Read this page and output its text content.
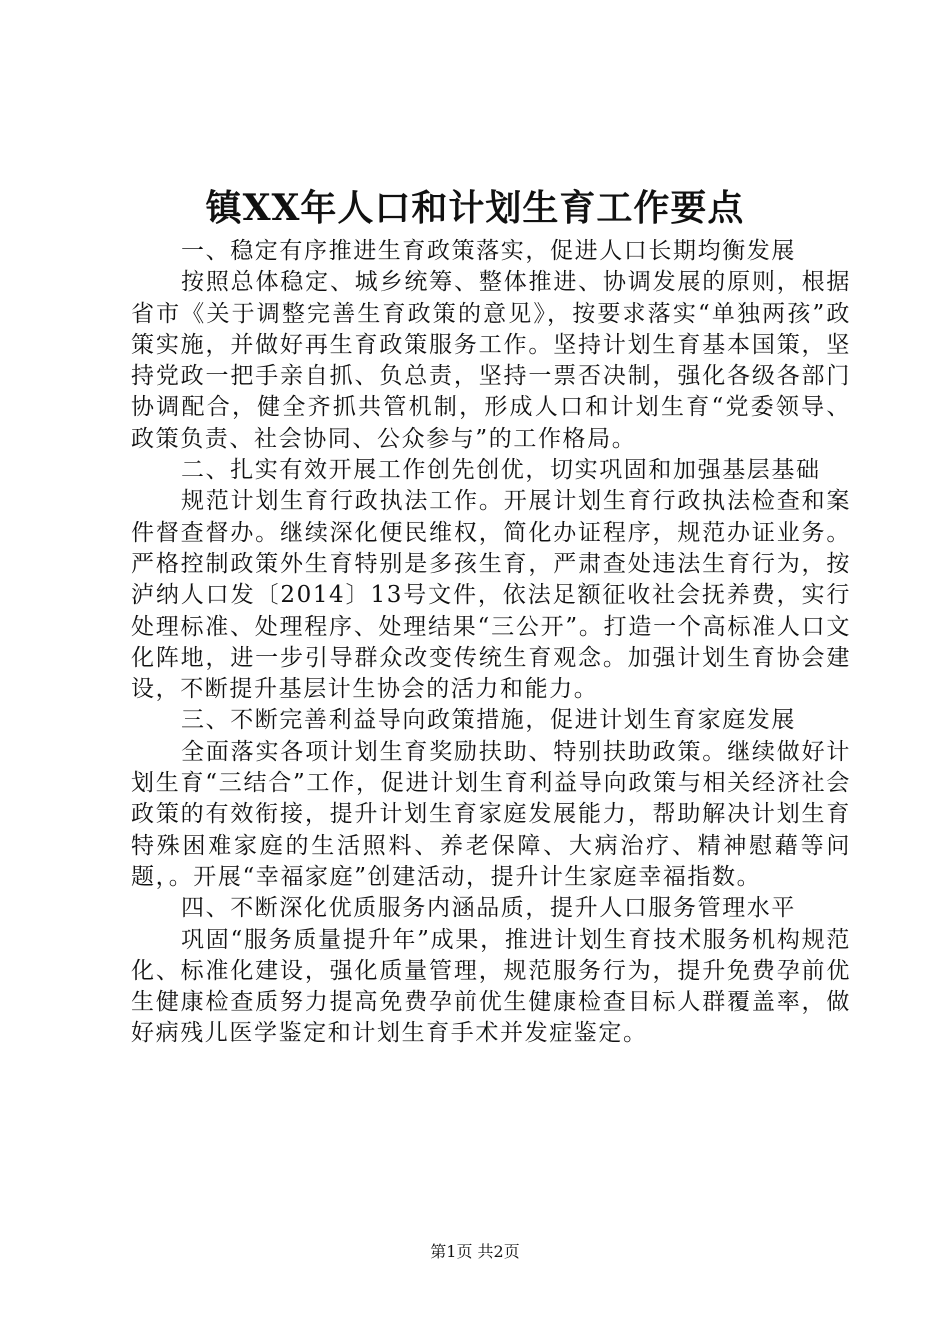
镇XX年人口和计划生育工作要点

一、稳定有序推进生育政策落实，促进人口长期均衡发展

按照总体稳定、城乡统筹、整体推进、协调发展的原则，根据省市《关于调整完善生育政策的意见》，按要求落实“单独两孩”政策实施，并做好再生育政策服务工作。坚持计划生育基本国策，坚持党政一把手亲自抓、负总责，坚持一票否决制，强化各级各部门协调配合，健全齐抓共管机制，形成人口和计划生育“党委领导、政策负责、社会协同、公众参与”的工作格局。

二、扎实有效开展工作创先创优，切实巩固和加强基层基础

规范计划生育行政执法工作。开展计划生育行政执法检查和案件督查督办。继续深化便民维权，简化办证程序，规范办证业务。严格控制政策外生育特别是多孩生育，严肃查处违法生育行为，按泸纳人口发〔2014〕13号文件，依法足额征收社会抚养费，实行处理标准、处理程序、处理结果“三公开”。打造一个高标准人口文化阵地，进一步引导群众改变传统生育观念。加强计划生育协会建设，不断提升基层计生协会的活力和能力。

三、不断完善利益导向政策措施，促进计划生育家庭发展

全面落实各项计划生育奖励扶助、特别扶助政策。继续做好计划生育“三结合”工作，促进计划生育利益导向政策与相关经济社会政策的有效衔接，提升计划生育家庭发展能力，帮助解决计划生育特殊困难家庭的生活照料、养老保障、大病治疗、精神慰藉等问题，。开展“幸福家庭”创建活动，提升计生家庭幸福指数。

四、不断深化优质服务内涵品质，提升人口服务管理水平

巩固“服务质量提升年”成果，推进计划生育技术服务机构规范化、标准化建设，强化质量管理，规范服务行为，提升免费孕前优生健康检查质努力提高免费孕前优生健康检查目标人群覆盖率，做好病残儿医学鉴定和计划生育手术并发症鉴定。

第1页 共2页
